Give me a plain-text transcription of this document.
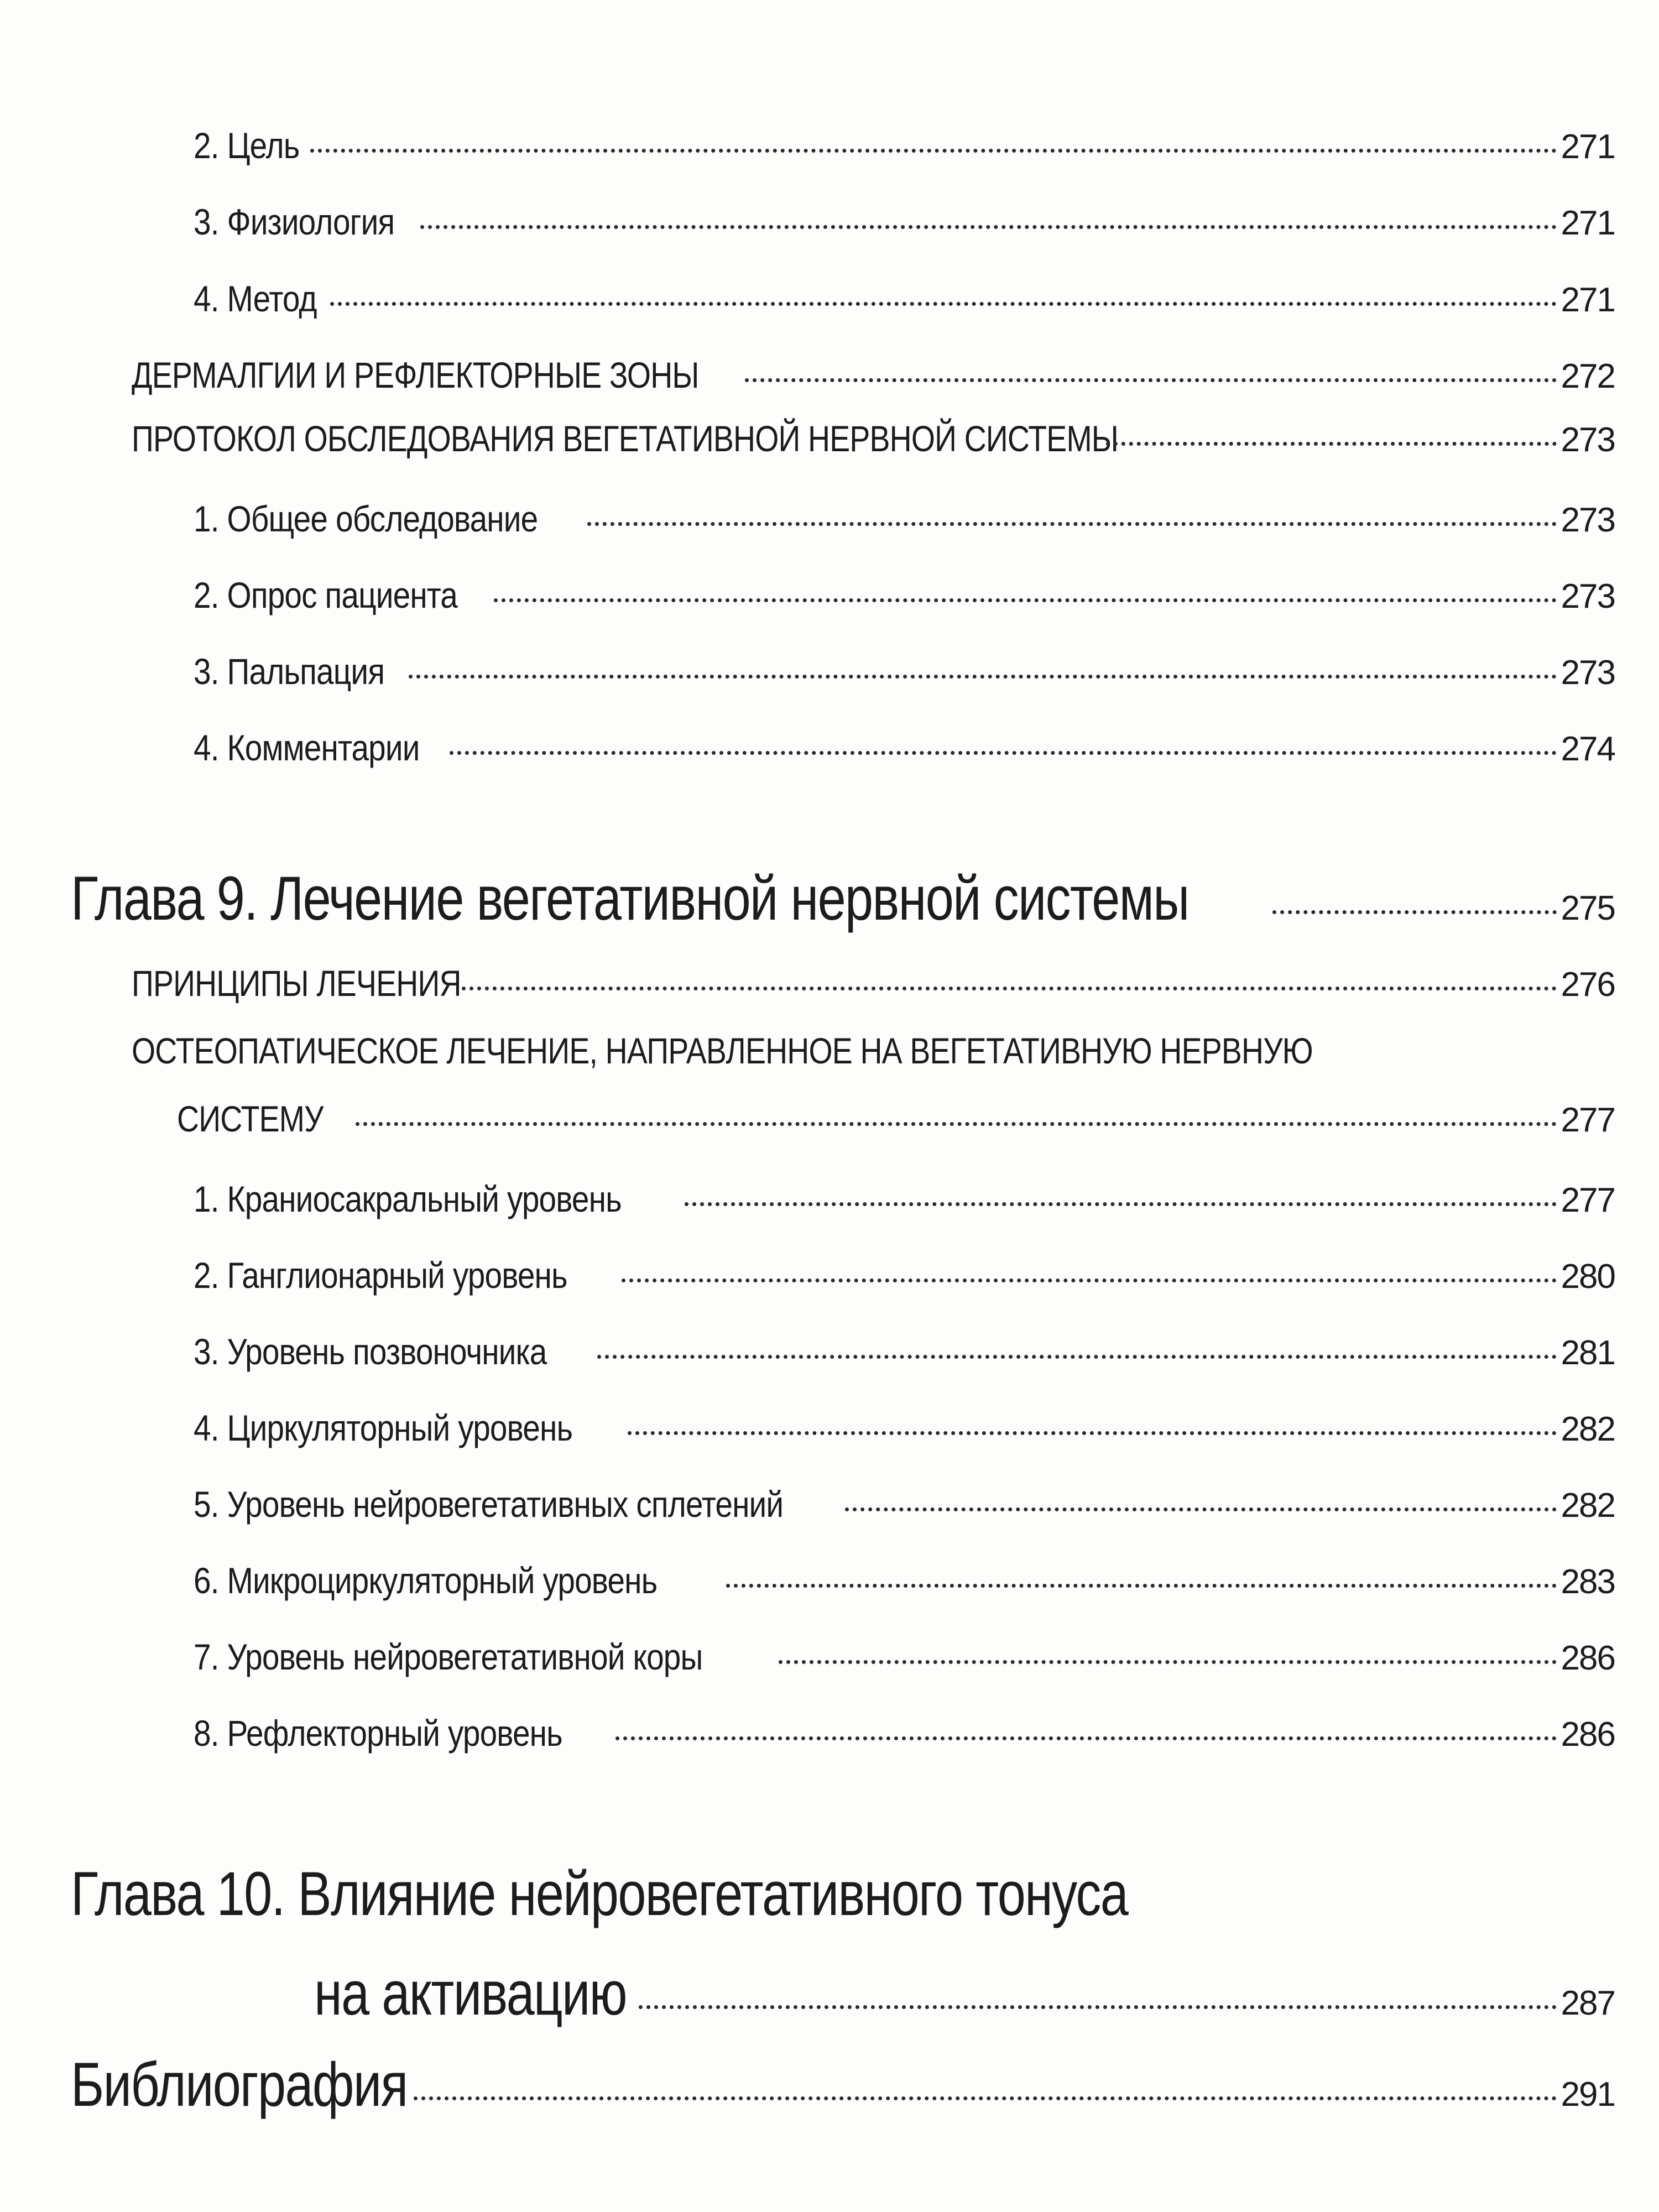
2. Цель	271
3. Физиология	271
4. Метод	271
ДЕРМАЛГИИ И РЕФЛЕКТОРНЫЕ ЗОНЫ	272
ПРОТОКОЛ ОБСЛЕДОВАНИЯ ВЕГЕТАТИВНОЙ НЕРВНОЙ СИСТЕМЫ	273
1. Общее обследование	273
2. Опрос пациента	273
3. Пальпация	273
4. Комментарии	274
Глава 9. Лечение вегетативной нервной системы	275
ПРИНЦИПЫ ЛЕЧЕНИЯ	276
ОСТЕОПАТИЧЕСКОЕ ЛЕЧЕНИЕ, НАПРАВЛЕННОЕ НА ВЕГЕТАТИВНУЮ НЕРВНУЮ
СИСТЕМУ	277
1. Краниосакральный уровень	277
2. Ганглионарный уровень	280
3. Уровень позвоночника	281
4. Циркуляторный уровень	282
5. Уровень нейровегетативных сплетений	282
6. Микроциркуляторный уровень	283
7. Уровень нейровегетативной коры	286
8. Рефлекторный уровень	286
Глава 10. Влияние нейровегетативного тонуса
на активацию	287
Библиография	291
